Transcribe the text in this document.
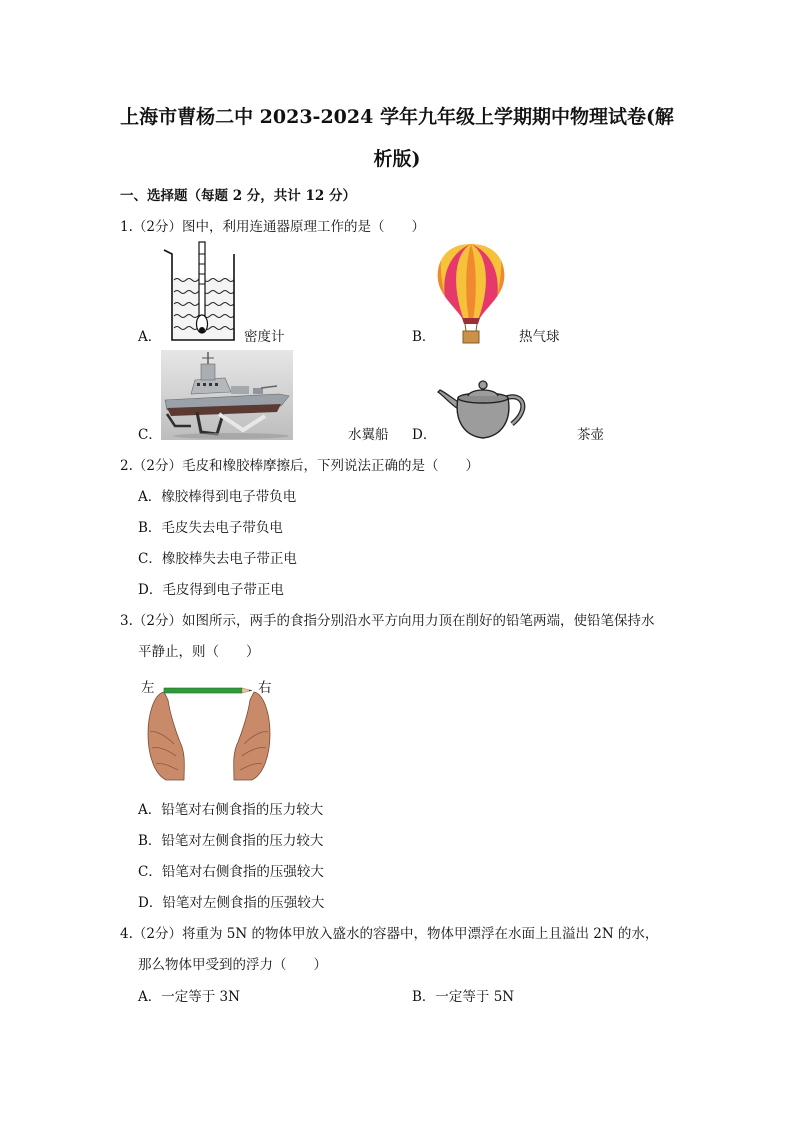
上海市曹杨二中 2023-2024 学年九年级上学期期中物理试卷(解
析版)
一、选择题（每题 2 分，共计 12 分）
1.（2分）图中，利用连通器原理工作的是（　　）
A．	密度计	B．	热气球
C．	水翼船 D．	茶壶
2.（2分）毛皮和橡胶棒摩擦后，下列说法正确的是（　　）
A．橡胶棒得到电子带负电
B．毛皮失去电子带负电
C．橡胶棒失去电子带正电
D．毛皮得到电子带正电
3.（2分）如图所示，两手的食指分别沿水平方向用力顶在削好的铅笔两端，使铅笔保持水
平静止，则（　　）
左	右
A．铅笔对右侧食指的压力较大
B．铅笔对左侧食指的压力较大
C．铅笔对右侧食指的压强较大
D．铅笔对左侧食指的压强较大
4.（2分）将重为 5N 的物体甲放入盛水的容器中，物体甲漂浮在水面上且溢出 2N 的水，
那么物体甲受到的浮力（　　）
A．一定等于 3N	B．一定等于 5N
